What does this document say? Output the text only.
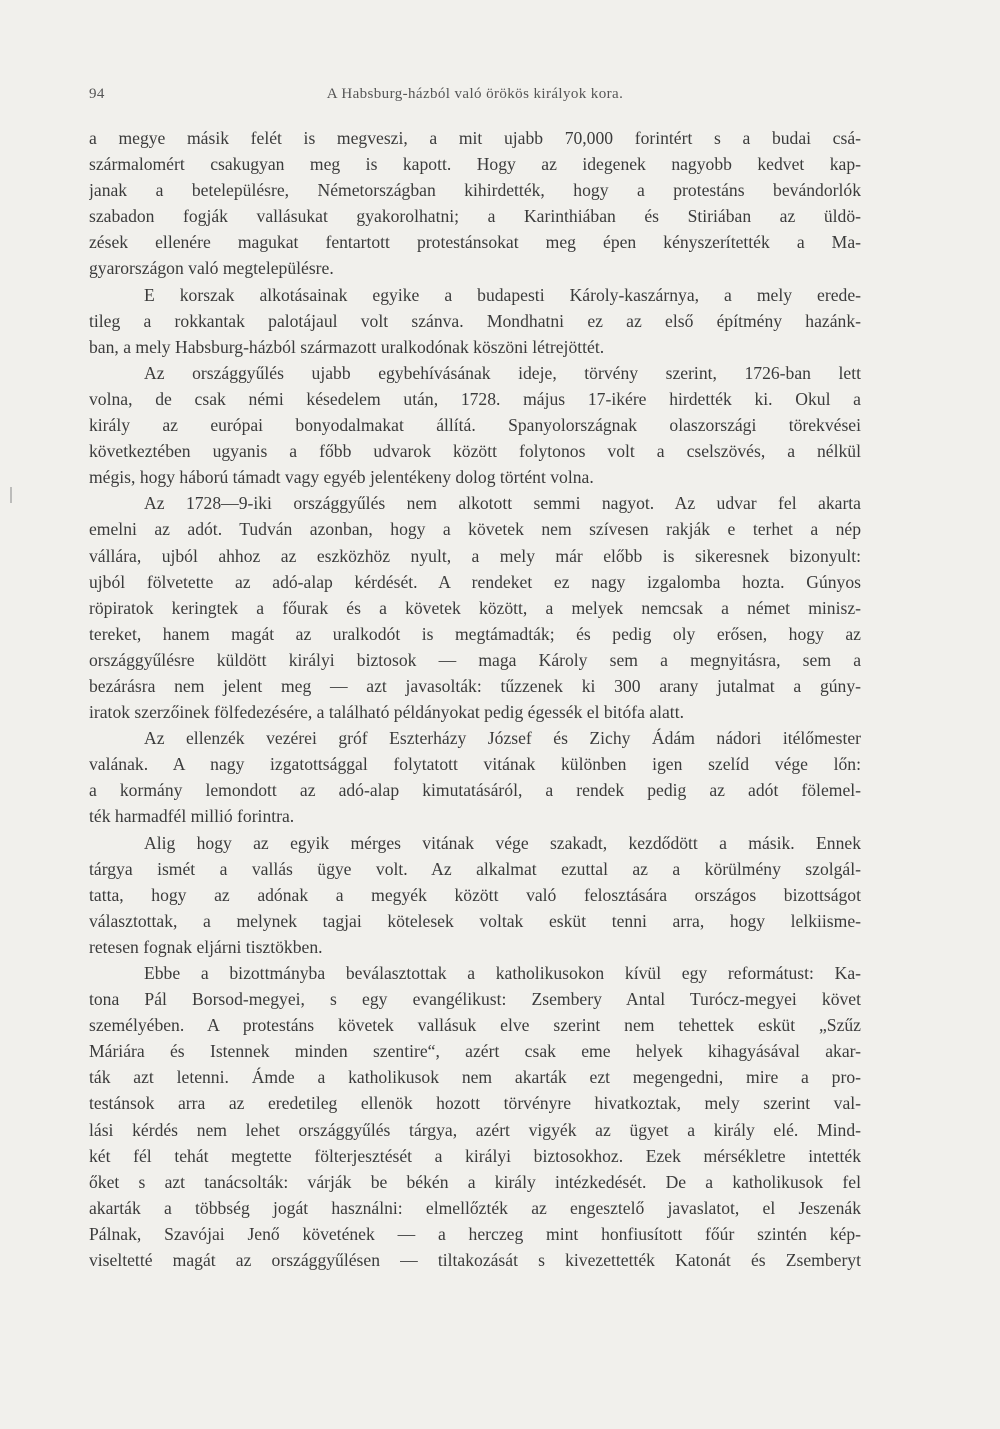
94	A Habsburg-házból való örökös királyok kora.
a megye másik felét is megveszi, a mit ujabb 70,000 forintért s a budai csá-
szármalomért csakugyan meg is kapott. Hogy az idegenek nagyobb kedvet kap-
janak a betelepülésre, Németországban kihirdették, hogy a protestáns bevándorlók
szabadon fogják vallásukat gyakorolhatni; a Karinthiában és Stiriában az üldö-
zések ellenére magukat fentartott protestánsokat meg épen kényszerítették a Ma-
gyarországon való megtelepülésre.
E korszak alkotásainak egyike a budapesti Károly-kaszárnya, a mely erede-
tileg a rokkantak palotájaul volt szánva. Mondhatni ez az első építmény hazánk-
ban, a mely Habsburg-házból származott uralkodónak köszöni létrejöttét.
Az országgyűlés ujabb egybehívásának ideje, törvény szerint, 1726-ban lett
volna, de csak némi késedelem után, 1728. május 17-ikére hirdették ki. Okul a
király az európai bonyodalmakat állítá. Spanyolországnak olaszországi törekvései
következtében ugyanis a főbb udvarok között folytonos volt a cselszövés, a nélkül
mégis, hogy háború támadt vagy egyéb jelentékeny dolog történt volna.
Az 1728—9-iki országgyűlés nem alkotott semmi nagyot. Az udvar fel akarta
emelni az adót. Tudván azonban, hogy a követek nem szívesen rakják e terhet a nép
vállára, ujból ahhoz az eszközhöz nyult, a mely már előbb is sikeresnek bizonyult:
ujból fölvetette az adó-alap kérdését. A rendeket ez nagy izgalomba hozta. Gúnyos
röpiratok keringtek a főurak és a követek között, a melyek nemcsak a német minisz-
tereket, hanem magát az uralkodót is megtámadták; és pedig oly erősen, hogy az
országgyűlésre küldött királyi biztosok — maga Károly sem a megnyitásra, sem a
bezárásra nem jelent meg — azt javasolták: tűzzenek ki 300 arany jutalmat a gúny-
iratok szerzőinek fölfedezésére, a található példányokat pedig égessék el bitófa alatt.
Az ellenzék vezérei gróf Eszterházy József és Zichy Ádám nádori itélőmester
valának. A nagy izgatottsággal folytatott vitának különben igen szelíd vége lőn:
a kormány lemondott az adó-alap kimutatásáról, a rendek pedig az adót fölemel-
ték harmadfél millió forintra.
Alig hogy az egyik mérges vitának vége szakadt, kezdődött a másik. Ennek
tárgya ismét a vallás ügye volt. Az alkalmat ezuttal az a körülmény szolgál-
tatta, hogy az adónak a megyék között való felosztására országos bizottságot
választottak, a melynek tagjai kötelesek voltak esküt tenni arra, hogy lelkiisme-
retesen fognak eljárni tisztökben.
Ebbe a bizottmányba beválasztottak a katholikusokon kívül egy reformátust: Ka-
tona Pál Borsod-megyei, s egy evangélikust: Zsembery Antal Turócz-megyei követ
személyében. A protestáns követek vallásuk elve szerint nem tehettek esküt „Szűz
Máriára és Istennek minden szentire“, azért csak eme helyek kihagyásával akar-
ták azt letenni. Ámde a katholikusok nem akarták ezt megengedni, mire a pro-
testánsok arra az eredetileg ellenök hozott törvényre hivatkoztak, mely szerint val-
lási kérdés nem lehet országgyűlés tárgya, azért vigyék az ügyet a király elé. Mind-
két fél tehát megtette fölterjesztését a királyi biztosokhoz. Ezek mérsékletre intették
őket s azt tanácsolták: várják be békén a király intézkedését. De a katholikusok fel
akarták a többség jogát használni: elmellőzték az engesztelő javaslatot, el Jeszenák
Pálnak, Szavójai Jenő követének — a herczeg mint honfiusított főúr szintén kép-
viseltetté magát az országgyűlésen — tiltakozását s kivezettették Katonát és Zsemberyt
